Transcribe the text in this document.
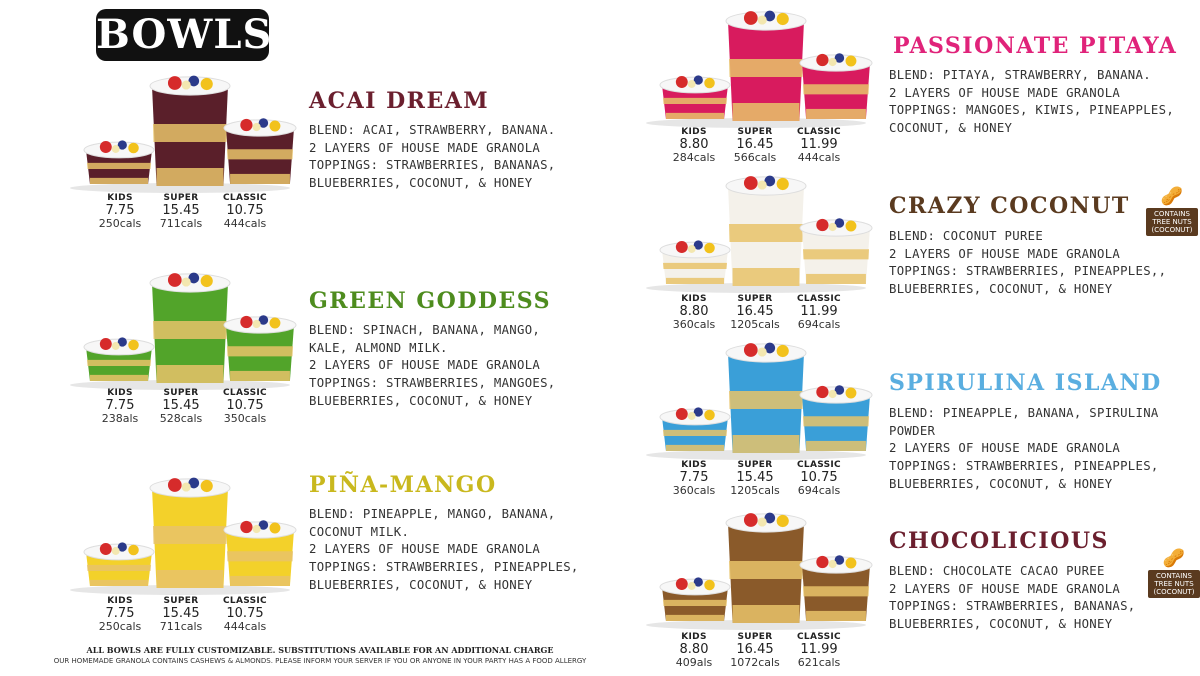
BOWLS
ACAI DREAM
BLEND: ACAI, STRAWBERRY, BANANA.
2 LAYERS OF HOUSE MADE GRANOLA
TOPPINGS: STRAWBERRIES, BANANAS,
BLUEBERRIES, COCONUT, & HONEY
KIDS
7.75
250cals
SUPER
15.45
711cals
CLASSIC
10.75
444cals
GREEN GODDESS
BLEND: SPINACH, BANANA, MANGO,
KALE, ALMOND MILK.
2 LAYERS OF HOUSE MADE GRANOLA
TOPPINGS: STRAWBERRIES, MANGOES,
BLUEBERRIES, COCONUT, & HONEY
KIDS
7.75
238als
SUPER
15.45
528cals
CLASSIC
10.75
350cals
PIÑA-MANGO
BLEND: PINEAPPLE, MANGO, BANANA,
COCONUT MILK.
2 LAYERS OF HOUSE MADE GRANOLA
TOPPINGS: STRAWBERRIES, PINEAPPLES,
BLUEBERRIES, COCONUT, & HONEY
KIDS
7.75
250cals
SUPER
15.45
711cals
CLASSIC
10.75
444cals
PASSIONATE PITAYA
BLEND: PITAYA, STRAWBERRY, BANANA.
2 LAYERS OF HOUSE MADE GRANOLA
TOPPINGS: MANGOES, KIWIS, PINEAPPLES,
COCONUT, & HONEY
KIDS
8.80
284cals
SUPER
16.45
566cals
CLASSIC
11.99
444cals
CRAZY COCONUT
BLEND: COCONUT PUREE
2 LAYERS OF HOUSE MADE GRANOLA
TOPPINGS: STRAWBERRIES, PINEAPPLES,,
BLUEBERRIES, COCONUT, & HONEY
KIDS
8.80
360cals
SUPER
16.45
1205cals
CLASSIC
11.99
694cals
🥜
CONTAINS
TREE NUTS
(COCONUT)
SPIRULINA ISLAND
BLEND: PINEAPPLE, BANANA, SPIRULINA
POWDER
2 LAYERS OF HOUSE MADE GRANOLA
TOPPINGS: STRAWBERRIES, PINEAPPLES,
BLUEBERRIES, COCONUT, & HONEY
KIDS
7.75
360cals
SUPER
15.45
1205cals
CLASSIC
10.75
694cals
CHOCOLICIOUS
BLEND: CHOCOLATE CACAO PUREE
2 LAYERS OF HOUSE MADE GRANOLA
TOPPINGS: STRAWBERRIES, BANANAS,
BLUEBERRIES, COCONUT, & HONEY
KIDS
8.80
409als
SUPER
16.45
1072cals
CLASSIC
11.99
621cals
🥜
CONTAINS
TREE NUTS
(COCONUT)
ALL BOWLS ARE FULLY CUSTOMIZABLE. SUBSTITUTIONS AVAILABLE FOR AN ADDITIONAL CHARGE
OUR HOMEMADE GRANOLA CONTAINS CASHEWS & ALMONDS. PLEASE INFORM YOUR SERVER IF YOU OR ANYONE IN YOUR PARTY HAS A FOOD ALLERGY
